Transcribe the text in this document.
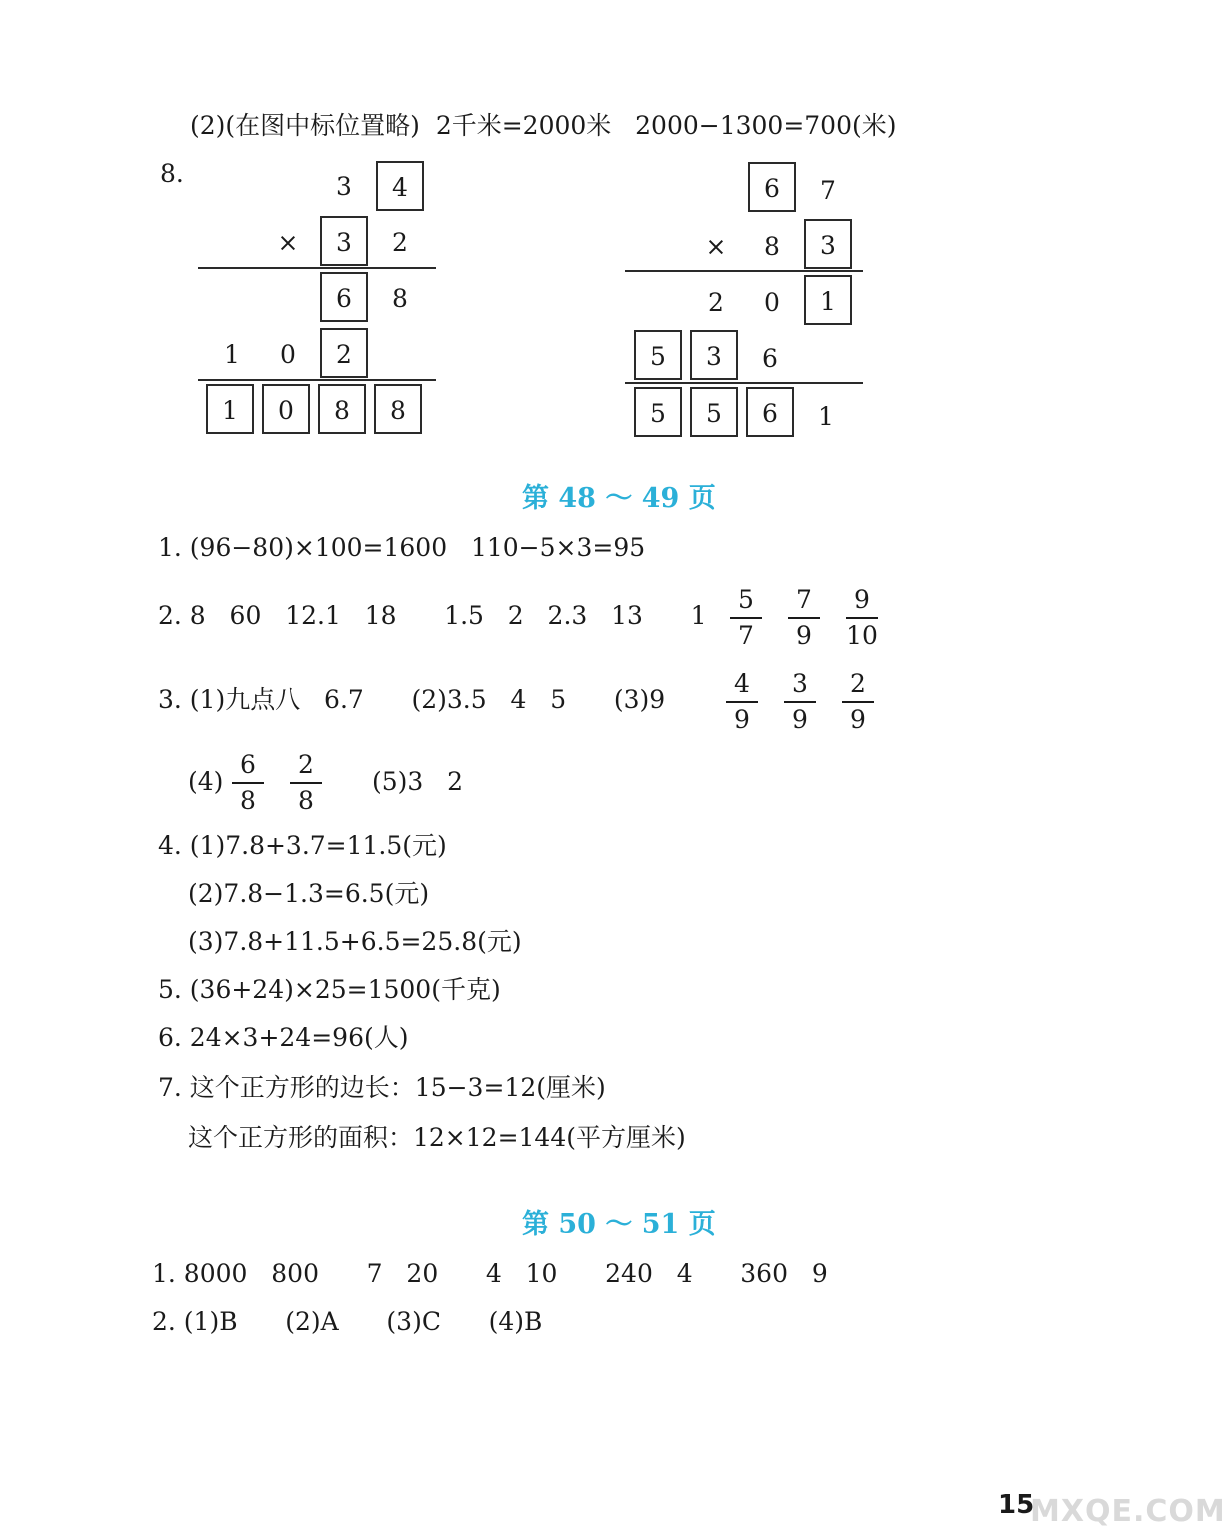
(2)(在图中标位置略)  2千米=2000米   2000−1300=700(米)
8.	3	4
×	3	2
6	8
1	0	2
1	0	8	8
6	7
×	8	3
2	0	1
5	3	6
5	5	6	1
第 48 ～ 49 页
1. (96−80)×100=1600   110−5×3=95
2. 8   60   12.1   18      1.5   2   2.3   13      1
5
7
7
9
9
10
3. (1)九点八   6.7      (2)3.5   4   5      (3)9
4
9
3
9
2
9
(4)
6
8
2
8
(5)3   2
4. (1)7.8+3.7=11.5(元)
(2)7.8−1.3=6.5(元)
(3)7.8+11.5+6.5=25.8(元)
5. (36+24)×25=1500(千克)
6. 24×3+24=96(人)
7. 这个正方形的边长：15−3=12(厘米)
这个正方形的面积：12×12=144(平方厘米)
第 50 ～ 51 页
1. 8000   800      7   20      4   10      240   4      360   9
2. (1)B      (2)A      (3)C      (4)B
15
MXQE.COM
